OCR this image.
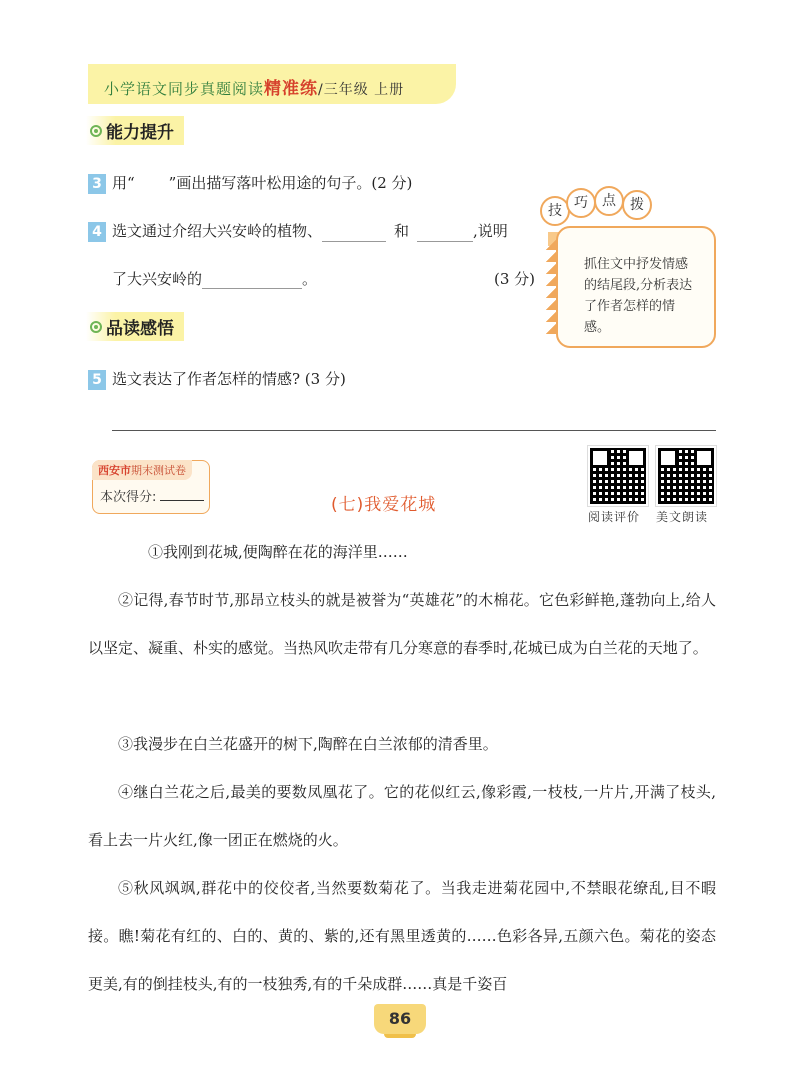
小学语文同步真题阅读精准练/三年级 上册
能力提升
3 用“ ”画出描写落叶松用途的句子。(2 分)
4 选文通过介绍大兴安岭的植物、	和	,说明
了大兴安岭的	。	(3 分)
技 巧	点	拨
抓住文中抒发情感的结尾段,分析表达了作者怎样的情感。
品读感悟
5 选文表达了作者怎样的情感? (3 分)
西安市期末测试卷
本次得分:	(七)我爱花城
阅读评价 美文朗读
①我刚到花城,便陶醉在花的海洋里……
②记得,春节时节,那昂立枝头的就是被誉为“英雄花”的木棉花。它色彩鲜艳,蓬勃向上,给人以坚定、凝重、朴实的感觉。当热风吹走带有几分寒意的春季时,花城已成为白兰花的天地了。
③我漫步在白兰花盛开的树下,陶醉在白兰浓郁的清香里。
④继白兰花之后,最美的要数凤凰花了。它的花似红云,像彩霞,一枝枝,一片片,开满了枝头,看上去一片火红,像一团正在燃烧的火。
⑤秋风飒飒,群花中的佼佼者,当然要数菊花了。当我走进菊花园中,不禁眼花缭乱,目不暇接。瞧!菊花有红的、白的、黄的、紫的,还有黑里透黄的……色彩各异,五颜六色。菊花的姿态更美,有的倒挂枝头,有的一枝独秀,有的千朵成群……真是千姿百
86
